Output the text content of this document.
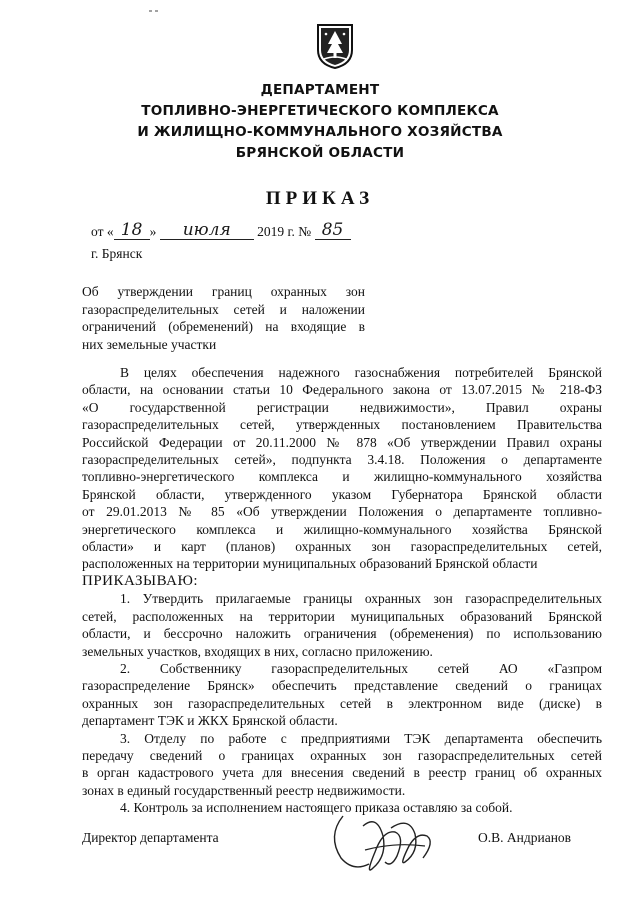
ДЕПАРТАМЕНТ
ТОПЛИВНО-ЭНЕРГЕТИЧЕСКОГО КОМПЛЕКСА
И ЖИЛИЩНО-КОММУНАЛЬНОГО ХОЗЯЙСТВА
БРЯНСКОЙ ОБЛАСТИ
ПРИКАЗ
от « 18 » июля 2019 г. № 85
г. Брянск
Об утверждении границ охранных зон
газораспределительных сетей и наложении
ограничений (обременений) на входящие в
них земельные участки
В целях обеспечения надежного газоснабжения потребителей Брянской
области, на основании статьи 10 Федерального закона от 13.07.2015 № 218-ФЗ
«О государственной регистрации недвижимости», Правил охраны
газораспределительных сетей, утвержденных постановлением Правительства
Российской Федерации от 20.11.2000 № 878 «Об утверждении Правил охраны
газораспределительных сетей», подпункта 3.4.18. Положения о департаменте
топливно-энергетического комплекса и жилищно-коммунального хозяйства
Брянской области, утвержденного указом Губернатора Брянской области
от 29.01.2013 № 85 «Об утверждении Положения о департаменте топливно-
энергетического комплекса и жилищно-коммунального хозяйства Брянской
области» и карт (планов) охранных зон газораспределительных сетей,
расположенных на территории муниципальных образований Брянской области
ПРИКАЗЫВАЮ:
1. Утвердить прилагаемые границы охранных зон газораспределительных
сетей, расположенных на территории муниципальных образований Брянской
области, и бессрочно наложить ограничения (обременения) по использованию
земельных участков, входящих в них, согласно приложению.
2. Собственнику газораспределительных сетей АО «Газпром
газораспределение Брянск» обеспечить представление сведений о границах
охранных зон газораспределительных сетей в электронном виде (диске) в
департамент ТЭК и ЖКХ Брянской области.
3. Отделу по работе с предприятиями ТЭК департамента обеспечить
передачу сведений о границах охранных зон газораспределительных сетей
в орган кадастрового учета для внесения сведений в реестр границ об охранных
зонах в единый государственный реестр недвижимости.
4. Контроль за исполнением настоящего приказа оставляю за собой.
Директор департамента	О.В. Андрианов
